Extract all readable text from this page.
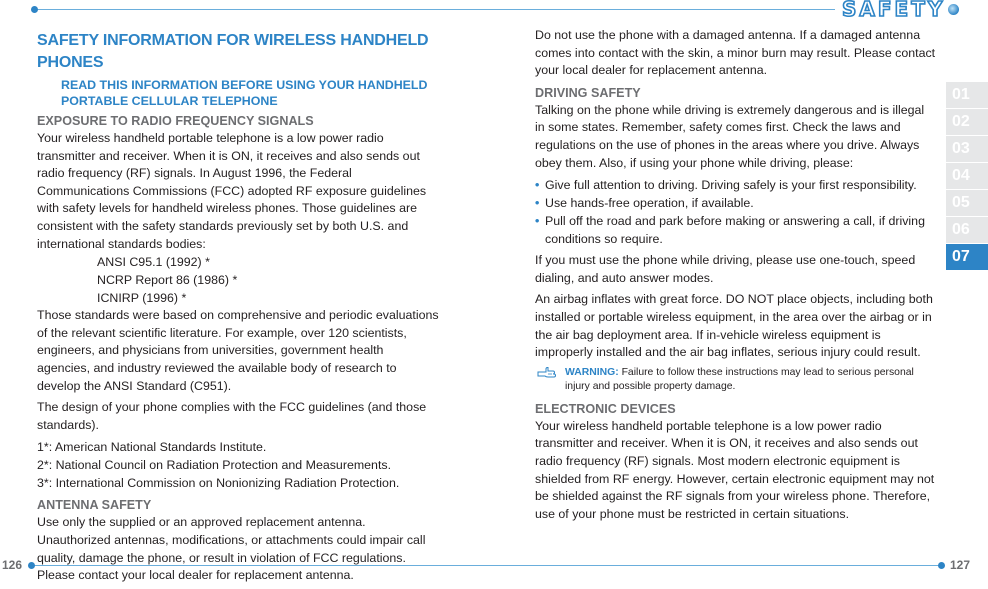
SAFETY
01
02
03
04
05
06
07
SAFETY INFORMATION FOR WIRELESS HANDHELD PHONES
READ THIS INFORMATION BEFORE USING YOUR HANDHELD
PORTABLE CELLULAR TELEPHONE
EXPOSURE TO RADIO FREQUENCY SIGNALS

Your wireless handheld portable telephone is a low power radio transmitter and receiver. When it is ON, it receives and also sends out radio frequency (RF) signals. In August 1996, the Federal Communications Commissions (FCC) adopted RF exposure guidelines with safety levels for handheld wireless phones. Those guidelines are consistent with the safety standards previously set by both U.S. and international standards bodies:

ANSI C95.1 (1992) *
NCRP Report 86 (1986) *
ICNIRP (1996) *

Those standards were based on comprehensive and periodic evaluations of the relevant scientific literature. For example, over 120 scientists, engineers, and physicians from universities, government health agencies, and industry reviewed the available body of research to develop the ANSI Standard (C951).

The design of your phone complies with the FCC guidelines (and those standards).

1*: American National Standards Institute.
2*: National Council on Radiation Protection and Measurements.
3*: International Commission on Nonionizing Radiation Protection.
ANTENNA SAFETY

Use only the supplied or an approved replacement antenna. Unauthorized antennas, modifications, or attachments could impair call quality, damage the phone, or result in violation of FCC regulations. Please contact your local dealer for replacement antenna.

Do not use the phone with a damaged antenna. If a damaged antenna comes into contact with the skin, a minor burn may result. Please contact your local dealer for replacement antenna.

DRIVING SAFETY

Talking on the phone while driving is extremely dangerous and is illegal in some states. Remember, safety comes first. Check the laws and regulations on the use of phones in the areas where you drive. Always obey them. Also, if using your phone while driving, please:

• Give full attention to driving. Driving safely is your first responsibility.
• Use hands-free operation, if available.
• Pull off the road and park before making or answering a call, if driving conditions so require.

If you must use the phone while driving, please use one-touch, speed dialing, and auto answer modes.

An airbag inflates with great force. DO NOT place objects, including both installed or portable wireless equipment, in the area over the airbag or in the air bag deployment area. If in-vehicle wireless equipment is improperly installed and the air bag inflates, serious injury could result.

WARNING: Failure to follow these instructions may lead to serious personal injury and possible property damage.
ELECTRONIC DEVICES

Your wireless handheld portable telephone is a low power radio transmitter and receiver. When it is ON, it receives and also sends out radio frequency (RF) signals. Most modern electronic equipment is shielded from RF energy. However, certain electronic equipment may not be shielded against the RF signals from your wireless phone. Therefore, use of your phone must be restricted in certain situations.

126	127
